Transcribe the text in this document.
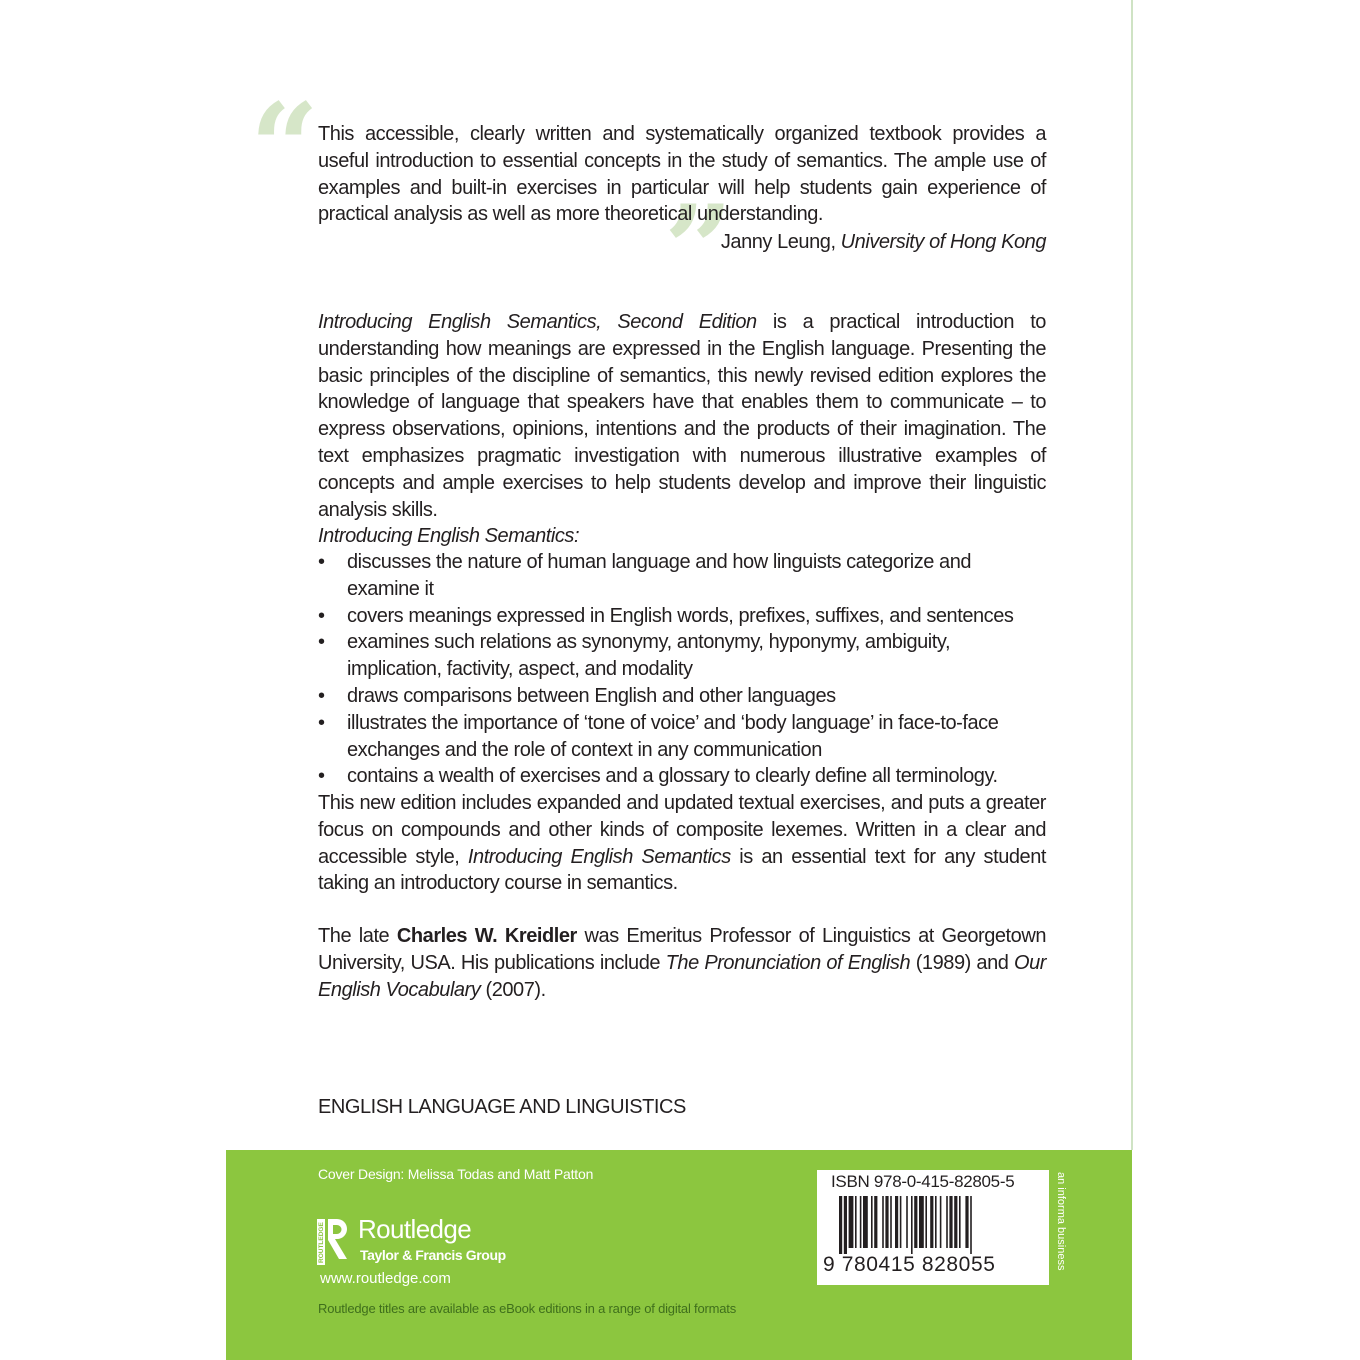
“
”
This accessible, clearly written and systematically organized textbook provides a useful introduction to essential concepts in the study of semantics. The ample use of examples and built-in exercises in particular will help students gain experience of practical analysis as well as more theoretical understanding.
Janny Leung, University of Hong Kong
Introducing English Semantics, Second Edition is a practical introduction to understanding how meanings are expressed in the English language. Presenting the basic principles of the discipline of semantics, this newly revised edition explores the knowledge of language that speakers have that enables them to communicate – to express observations, opinions, intentions and the products of their imagination. The text emphasizes pragmatic investigation with numerous illustrative examples of concepts and ample exercises to help students develop and improve their linguistic analysis skills.
Introducing English Semantics:
• discusses the nature of human language and how linguists categorize and examine it
• covers meanings expressed in English words, prefixes, suffixes, and sentences
• examines such relations as synonymy, antonymy, hyponymy, ambiguity, implication, factivity, aspect, and modality
• draws comparisons between English and other languages
• illustrates the importance of ‘tone of voice’ and ‘body language’ in face-to-face exchanges and the role of context in any communication
• contains a wealth of exercises and a glossary to clearly define all terminology.
This new edition includes expanded and updated textual exercises, and puts a greater focus on compounds and other kinds of composite lexemes. Written in a clear and accessible style, Introducing English Semantics is an essential text for any student taking an introductory course in semantics.
The late Charles W. Kreidler was Emeritus Professor of Linguistics at Georgetown University, USA. His publications include The Pronunciation of English (1989) and Our English Vocabulary (2007).
ENGLISH LANGUAGE AND LINGUISTICS
Cover Design: Melissa Todas and Matt Patton
ROUTLEDGE Routledge
Taylor & Francis Group
www.routledge.com
Routledge titles are available as eBook editions in a range of digital formats
ISBN 978-0-415-82805-5
9 780415 828055	an informa business
